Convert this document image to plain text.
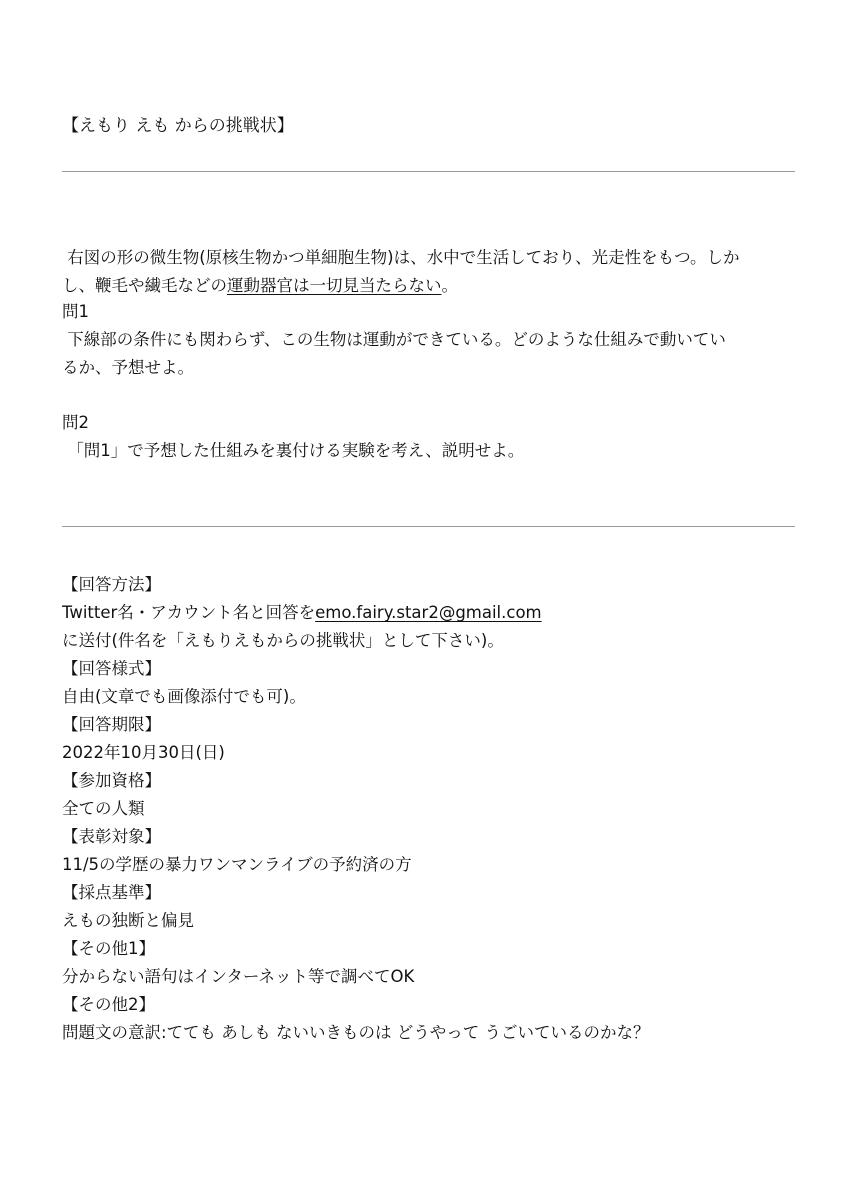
【えもり えも からの挑戦状】
右図の形の微生物(原核生物かつ単細胞生物)は、水中で生活しており、光走性をもつ。しか
し、鞭毛や繊毛などの運動器官は一切見当たらない。
問1
下線部の条件にも関わらず、この生物は運動ができている。どのような仕組みで動いてい
るか、予想せよ。
問2
「問1」で予想した仕組みを裏付ける実験を考え、説明せよ。
【回答方法】
Twitter名・アカウント名と回答をemo.fairy.star2@gmail.com
に送付(件名を「えもりえもからの挑戦状」として下さい)。
【回答様式】
自由(文章でも画像添付でも可)。
【回答期限】
2022年10月30日(日)
【参加資格】
全ての人類
【表彰対象】
11/5の学歴の暴力ワンマンライブの予約済の方
【採点基準】
えもの独断と偏見
【その他1】
分からない語句はインターネット等で調べてOK
【その他2】
問題文の意訳:てても あしも ないいきものは どうやって うごいているのかな？
